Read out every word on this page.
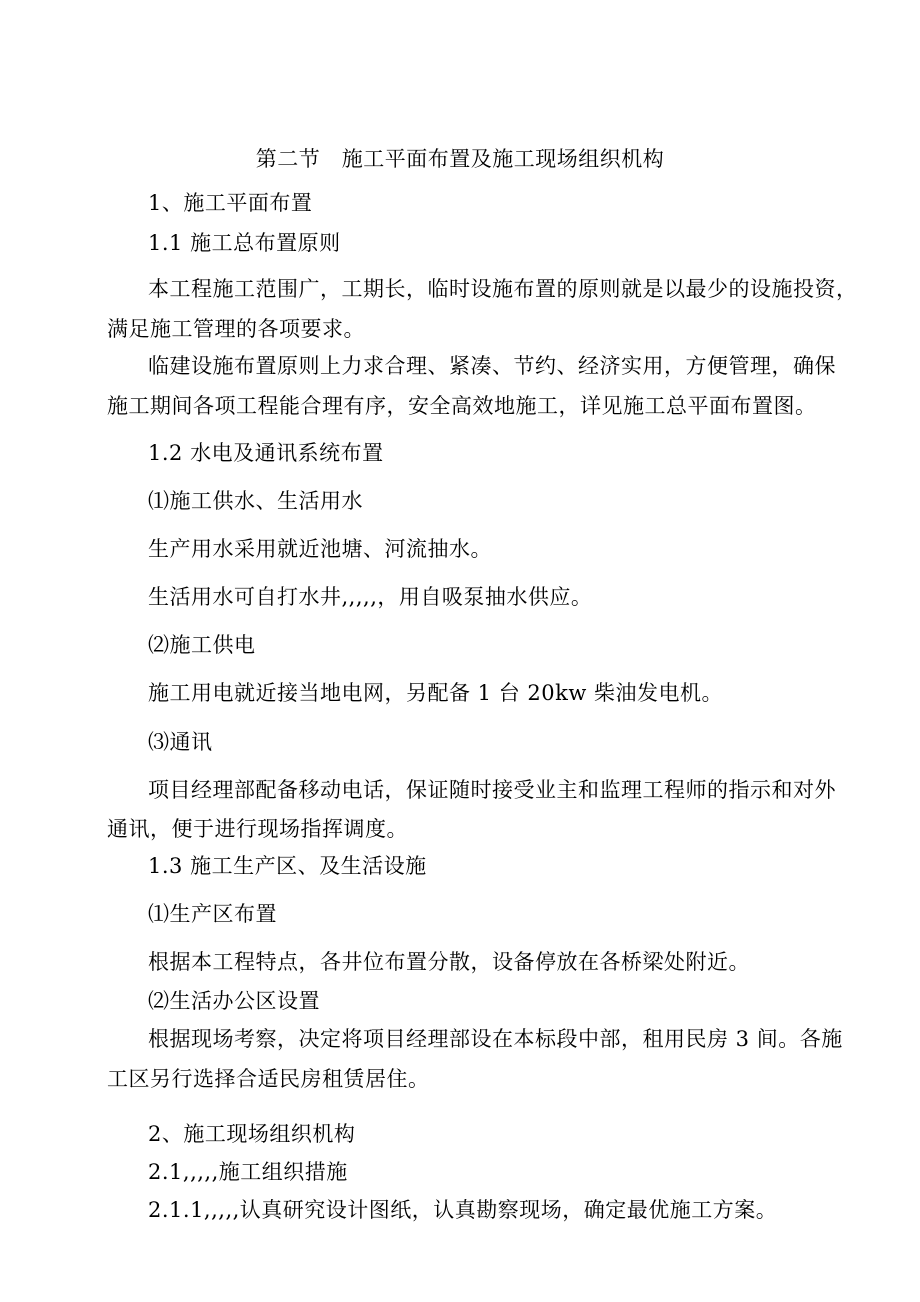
第二节　施工平面布置及施工现场组织机构
1、施工平面布置
1.1 施工总布置原则
本工程施工范围广，工期长，临时设施布置的原则就是以最少的设施投资，
满足施工管理的各项要求。
临建设施布置原则上力求合理、紧凑、节约、经济实用，方便管理，确保
施工期间各项工程能合理有序，安全高效地施工，详见施工总平面布置图。
1.2 水电及通讯系统布置
⑴施工供水、生活用水
生产用水采用就近池塘、河流抽水。
生活用水可自打水井,,,,,，用自吸泵抽水供应。
⑵施工供电
施工用电就近接当地电网，另配备 1 台 20kw 柴油发电机。
⑶通讯
项目经理部配备移动电话，保证随时接受业主和监理工程师的指示和对外
通讯，便于进行现场指挥调度。
1.3 施工生产区、及生活设施
⑴生产区布置
根据本工程特点，各井位布置分散，设备停放在各桥梁处附近。
⑵生活办公区设置
根据现场考察，决定将项目经理部设在本标段中部，租用民房 3 间。各施
工区另行选择合适民房租赁居住。
2、施工现场组织机构
2.1,,,,,施工组织措施
2.1.1,,,,,认真研究设计图纸，认真勘察现场，确定最优施工方案。
